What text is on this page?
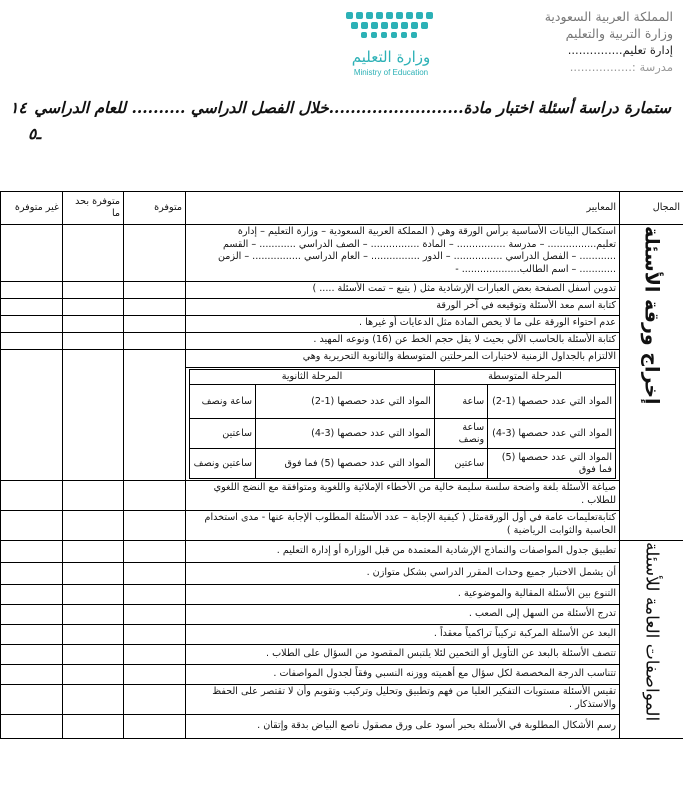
المملكة العربية السعودية
وزارة التربية والتعليم
إدارة تعليم...............
مدرسة :.................
وزارة التعليم
Ministry of Education
ستمارة دراسة أسئلة اختبار مادة.........................خلال الفصل الدراسي .......... للعام الدراسي
١٤
ـ٥
المجال	المعايير	متوفرة	متوفرة بحد ما	غير متوفرة

إخراج ورقة الأسئلة
	استكمال البيانات الأساسية برأس الورقة وهي ( المملكة العربية السعودية – وزارة التعليم – إدارة تعليم................ – مدرسة ................ – المادة ................ – الصف الدراسي ............ – القسم ............ – الفصل الدراسي ................ – الدور ................ – العام الدراسي ................ – الزمن ............ – اسم الطالب................... -			
تدوين أسفل الصفحة بعض العبارات الإرشادية مثل ( يتبع – تمت الأسئلة ..... )			
كتابة اسم معد الأسئلة وتوقيعه في آخر الورقة			
عدم احتواء الورقة على ما لا يخص المادة مثل الدعايات أو غيرها .			
كتابة الأسئلة بالحاسب الآلي بحيث لا يقل حجم الخط عن (16) ونوعه المهيد .			
الالتزام بالجداول الزمنية لاختبارات المرحلتين المتوسطة والثانوية التحريرية وهي			

المرحلة المتوسطة	المرحلة الثانوية
المواد التي عدد حصصها (1-2)	ساعة	المواد التي عدد حصصها (1-2)	ساعة ونصف
المواد التي عدد حصصها (3-4)	ساعة ونصف	المواد التي عدد حصصها (3-4)	ساعتين
المواد التي عدد حصصها (5) فما فوق	ساعتين	المواد التي عدد حصصها (5) فما فوق	ساعتين ونصف

صياغة الأسئلة بلغة واضحة سلسة سليمة خالية من الأخطاء الإملائية واللغوية ومتوافقة مع النضج اللغوي للطلاب .			
كتابةتعليمات عامة في أول الورقةمثل ( كيفية الإجابة – عدد الأسئلة المطلوب الإجابة عنها - مدى استخدام الحاسبة والثوابت الرياضية )			

المواصفات العامة للأسئلة
	تطبيق جدول المواصفات والنماذج الإرشادية المعتمدة من قبل الوزارة أو إدارة التعليم .			
أن يشمل الاختبار جميع وحدات المقرر الدراسي بشكل متوازن .			
التنوع بين الأسئلة المقالية والموضوعية .			
تدرج الأسئلة من السهل إلى الصعب .			
البعد عن الأسئلة المركبة تركيباً تراكمياً معقداً .			
تتصف الأسئلة بالبعد عن التأويل أو التخمين لئلا يلتبس المقصود من السؤال على الطلاب .			
تتناسب الدرجة المخصصة لكل سؤال مع أهميته ووزنه النسبي وفقاً لجدول المواصفات .			
تقيس الأسئلة مستويات التفكير العليا من فهم وتطبيق وتحليل وتركيب وتقويم وأن لا تقتصر على الحفظ والاستذكار .			
رسم الأشكال المطلوبة في الأسئلة بحبر أسود على ورق مصقول ناصع البياض بدقة وإتقان .			
